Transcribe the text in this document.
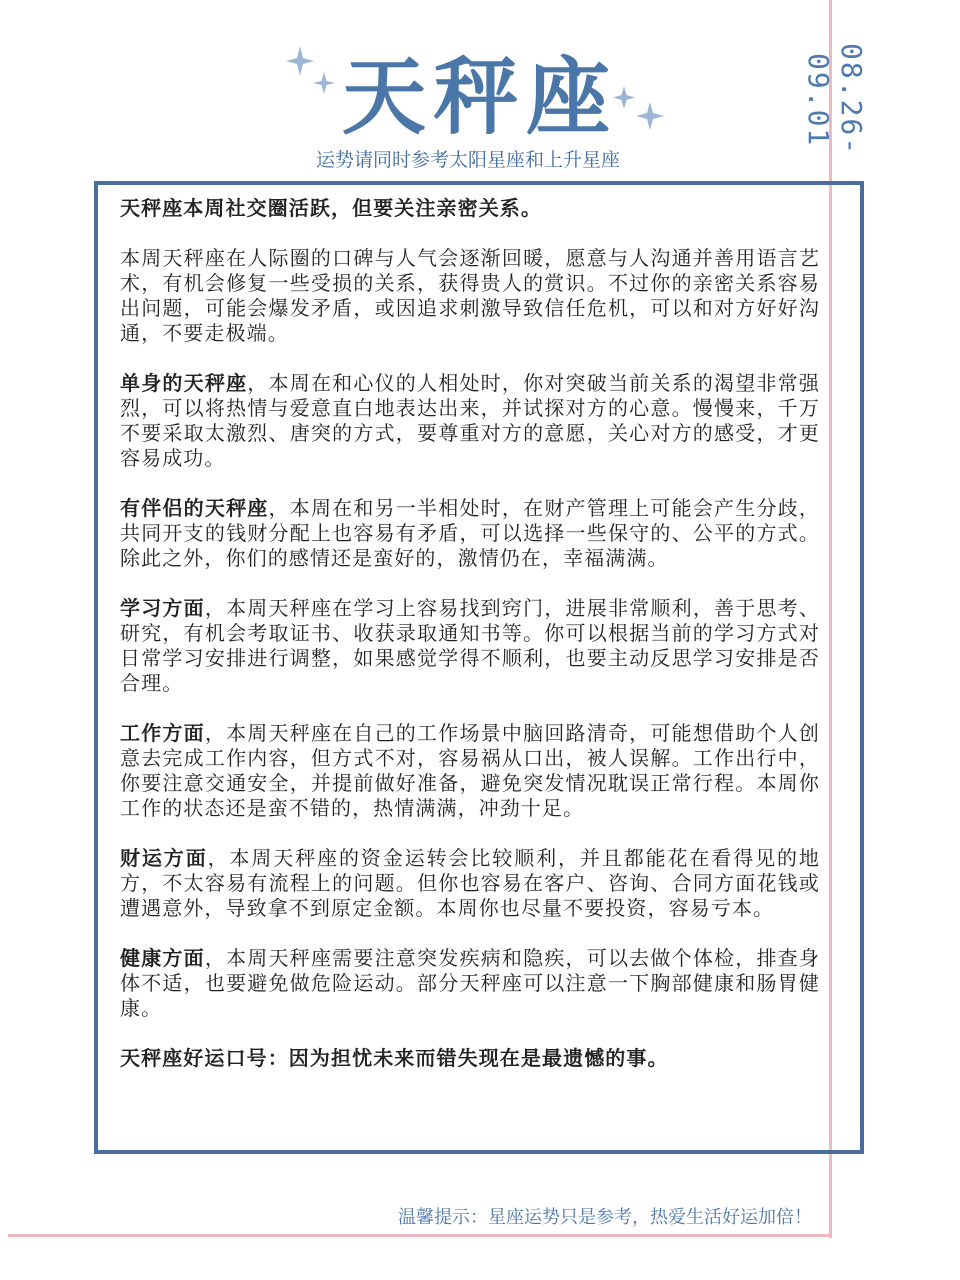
天秤座
运势请同时参考太阳星座和上升星座
08.26-09.01

天秤座本周社交圈活跃，但要关注亲密关系。

本周天秤座在人际圈的口碑与人气会逐渐回暖，愿意与人沟通并善用语言艺术，有机会修复一些受损的关系，获得贵人的赏识。不过你的亲密关系容易出问题，可能会爆发矛盾，或因追求刺激导致信任危机，可以和对方好好沟通，不要走极端。

单身的天秤座，本周在和心仪的人相处时，你对突破当前关系的渴望非常强烈，可以将热情与爱意直白地表达出来，并试探对方的心意。慢慢来，千万不要采取太激烈、唐突的方式，要尊重对方的意愿，关心对方的感受，才更容易成功。

有伴侣的天秤座，本周在和另一半相处时，在财产管理上可能会产生分歧，共同开支的钱财分配上也容易有矛盾，可以选择一些保守的、公平的方式。除此之外，你们的感情还是蛮好的，激情仍在，幸福满满。

学习方面，本周天秤座在学习上容易找到窍门，进展非常顺利，善于思考、研究，有机会考取证书、收获录取通知书等。你可以根据当前的学习方式对日常学习安排进行调整，如果感觉学得不顺利，也要主动反思学习安排是否合理。

工作方面，本周天秤座在自己的工作场景中脑回路清奇，可能想借助个人创意去完成工作内容，但方式不对，容易祸从口出，被人误解。工作出行中，你要注意交通安全，并提前做好准备，避免突发情况耽误正常行程。本周你工作的状态还是蛮不错的，热情满满，冲劲十足。

财运方面，本周天秤座的资金运转会比较顺利，并且都能花在看得见的地方，不太容易有流程上的问题。但你也容易在客户、咨询、合同方面花钱或遭遇意外，导致拿不到原定金额。本周你也尽量不要投资，容易亏本。

健康方面，本周天秤座需要注意突发疾病和隐疾，可以去做个体检，排查身体不适，也要避免做危险运动。部分天秤座可以注意一下胸部健康和肠胃健康。

天秤座好运口号：因为担忧未来而错失现在是最遗憾的事。

温馨提示：星座运势只是参考，热爱生活好运加倍！
